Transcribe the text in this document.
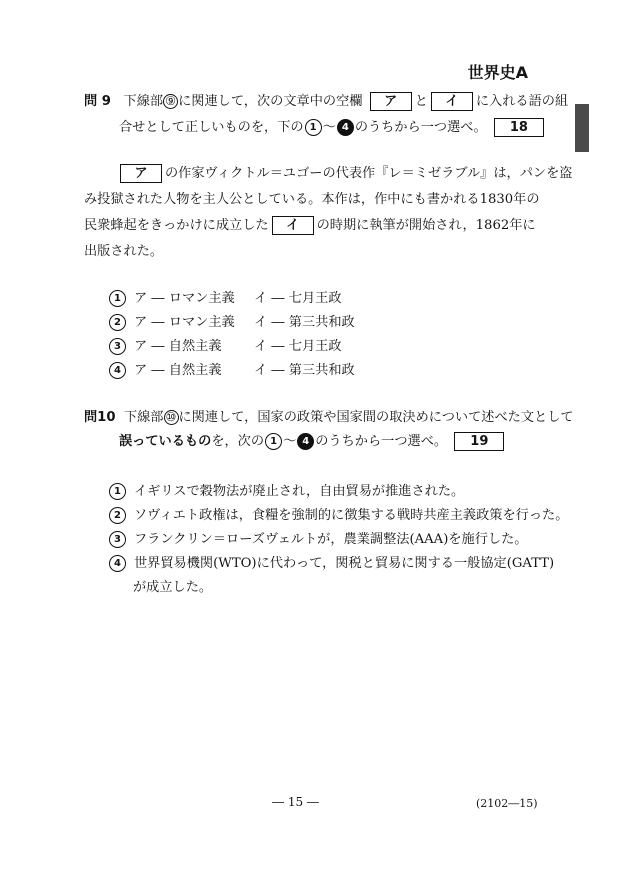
世界史A
問 9 下線部 ⑨ に関連して，次の文章中の空欄 ア と イ に入れる語の組
合せとして正しいものを，下の 1 ～ 4 のうちから一つ選べ。 18
ア の作家ヴィクトル＝ユゴーの代表作『レ＝ミゼラブル』は，パンを盗
み投獄された人物を主人公としている。本作は，作中にも書かれる1830年の
民衆蜂起をきっかけに成立した イ の時期に執筆が開始され，1862年に
出版された。
1 ア ― ロマン主義 イ ― 七月王政
2 ア ― ロマン主義 イ ― 第三共和政
3 ア ― 自然主義 イ ― 七月王政
4 ア ― 自然主義 イ ― 第三共和政
問10 下線部 ⑩ に関連して，国家の政策や国家間の取決めについて述べた文として
誤っているものを，次の 1 ～ 4 のうちから一つ選べ。 19
1 イギリスで穀物法が廃止され，自由貿易が推進された。
2 ソヴィエト政権は，食糧を強制的に徴集する戦時共産主義政策を行った。
3 フランクリン＝ローズヴェルトが，農業調整法(AAA)を施行した。
4 世界貿易機関(WTO)に代わって，関税と貿易に関する一般協定(GATT)
が成立した。
― 15 ―	(2102―15)
